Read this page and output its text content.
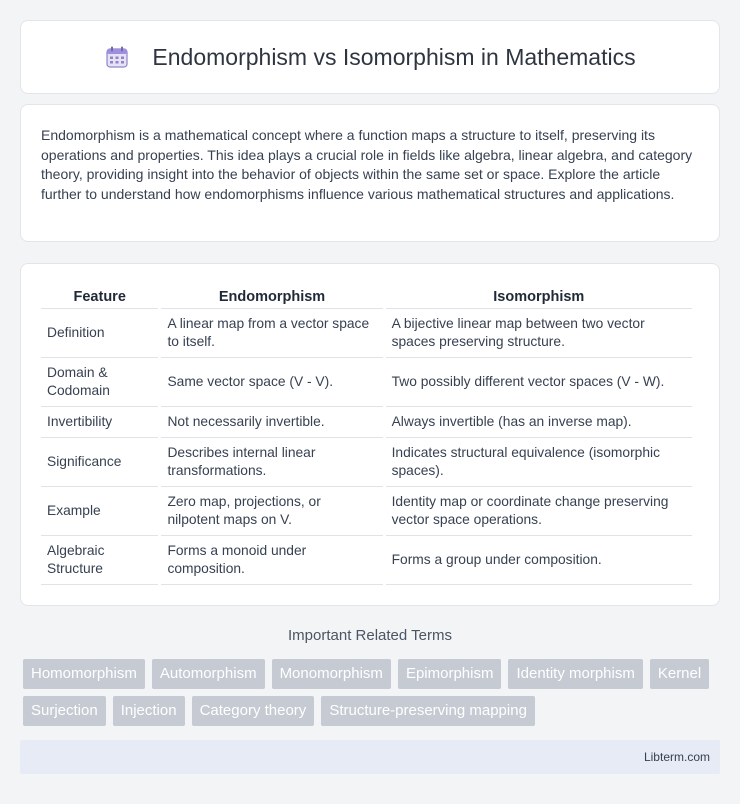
Endomorphism vs Isomorphism in Mathematics

Endomorphism is a mathematical concept where a function maps a structure to itself, preserving its operations and properties. This idea plays a crucial role in fields like algebra, linear algebra, and category theory, providing insight into the behavior of objects within the same set or space. Explore the article further to understand how endomorphisms influence various mathematical structures and applications.

Feature	Endomorphism	Isomorphism
Definition	A linear map from a vector space to itself.	A bijective linear map between two vector spaces preserving structure.
Domain & Codomain	Same vector space (V - V).	Two possibly different vector spaces (V - W).
Invertibility	Not necessarily invertible.	Always invertible (has an inverse map).
Significance	Describes internal linear transformations.	Indicates structural equivalence (isomorphic spaces).
Example	Zero map, projections, or nilpotent maps on V.	Identity map or coordinate change preserving vector space operations.
Algebraic Structure	Forms a monoid under composition.	Forms a group under composition.
Important Related Terms
Homomorphism	Automorphism	Monomorphism	Epimorphism	Identity morphism	Kernel
Surjection	Injection	Category theory	Structure-preserving mapping
Libterm.com
